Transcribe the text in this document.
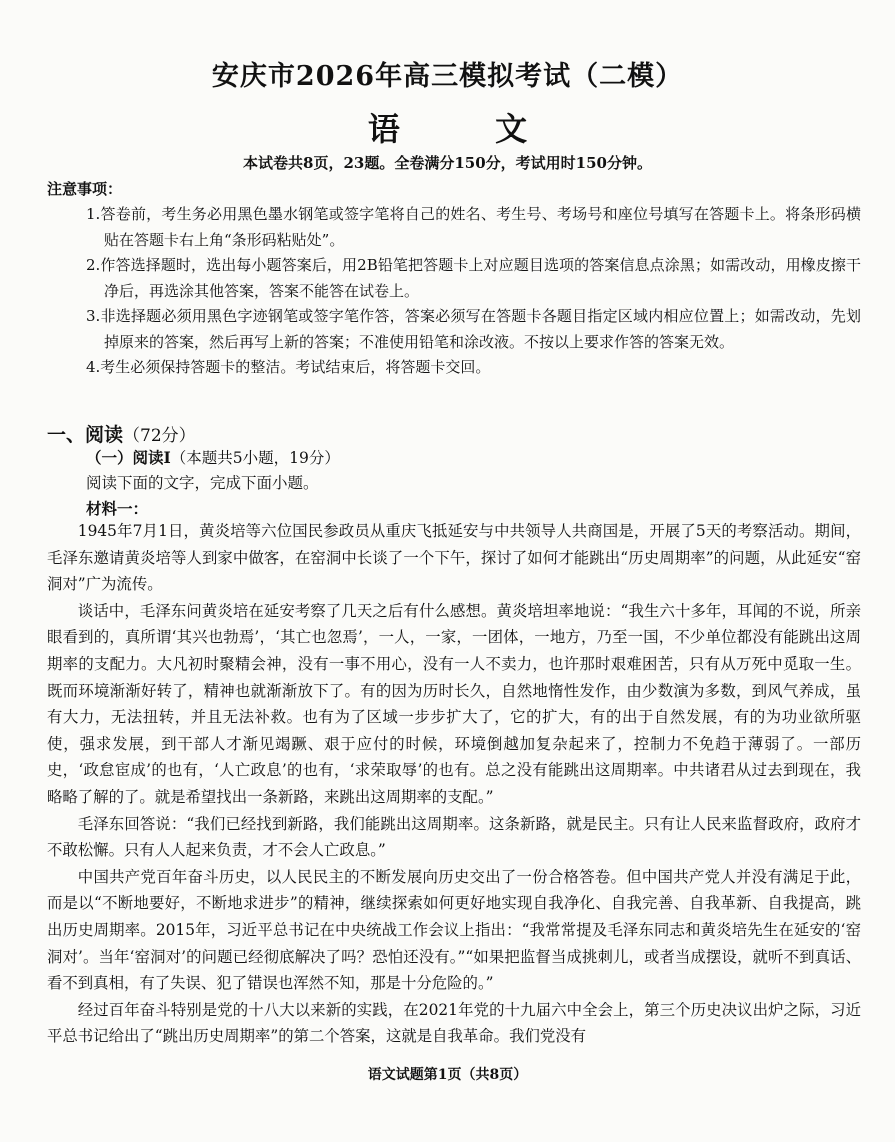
安庆市2026年高三模拟考试（二模）
语 文
本试卷共8页，23题。全卷满分150分，考试用时150分钟。
注意事项：

1.答卷前，考生务必用黑色墨水钢笔或签字笔将自己的姓名、考生号、考场号和座位号填写在答题卡上。将条形码横贴在答题卡右上角“条形码粘贴处”。

2.作答选择题时，选出每小题答案后，用2B铅笔把答题卡上对应题目选项的答案信息点涂黑；如需改动，用橡皮擦干净后，再选涂其他答案，答案不能答在试卷上。

3.非选择题必须用黑色字迹钢笔或签字笔作答，答案必须写在答题卡各题目指定区域内相应位置上；如需改动，先划掉原来的答案，然后再写上新的答案；不准使用铅笔和涂改液。不按以上要求作答的答案无效。

4.考生必须保持答题卡的整洁。考试结束后，将答题卡交回。

一、阅读（72分）
（一）阅读Ⅰ（本题共5小题，19分）
阅读下面的文字，完成下面小题。
材料一：

1945年7月1日，黄炎培等六位国民参政员从重庆飞抵延安与中共领导人共商国是，开展了5天的考察活动。期间，毛泽东邀请黄炎培等人到家中做客，在窑洞中长谈了一个下午，探讨了如何才能跳出“历史周期率”的问题，从此延安“窑洞对”广为流传。

谈话中，毛泽东问黄炎培在延安考察了几天之后有什么感想。黄炎培坦率地说：“我生六十多年，耳闻的不说，所亲眼看到的，真所谓‘其兴也勃焉’，‘其亡也忽焉’，一人，一家，一团体，一地方，乃至一国，不少单位都没有能跳出这周期率的支配力。大凡初时聚精会神，没有一事不用心，没有一人不卖力，也许那时艰难困苦，只有从万死中觅取一生。既而环境渐渐好转了，精神也就渐渐放下了。有的因为历时长久，自然地惰性发作，由少数演为多数，到风气养成，虽有大力，无法扭转，并且无法补救。也有为了区域一步步扩大了，它的扩大，有的出于自然发展，有的为功业欲所驱使，强求发展，到干部人才渐见竭蹶、艰于应付的时候，环境倒越加复杂起来了，控制力不免趋于薄弱了。一部历史，‘政怠宦成’的也有，‘人亡政息’的也有，‘求荣取辱’的也有。总之没有能跳出这周期率。中共诸君从过去到现在，我略略了解的了。就是希望找出一条新路，来跳出这周期率的支配。”

毛泽东回答说：“我们已经找到新路，我们能跳出这周期率。这条新路，就是民主。只有让人民来监督政府，政府才不敢松懈。只有人人起来负责，才不会人亡政息。”

中国共产党百年奋斗历史，以人民民主的不断发展向历史交出了一份合格答卷。但中国共产党人并没有满足于此，而是以“不断地要好，不断地求进步”的精神，继续探索如何更好地实现自我净化、自我完善、自我革新、自我提高，跳出历史周期率。2015年，习近平总书记在中央统战工作会议上指出：“我常常提及毛泽东同志和黄炎培先生在延安的‘窑洞对’。当年‘窑洞对’的问题已经彻底解决了吗？恐怕还没有。”“如果把监督当成挑刺儿，或者当成摆设，就听不到真话、看不到真相，有了失误、犯了错误也浑然不知，那是十分危险的。”

经过百年奋斗特别是党的十八大以来新的实践，在2021年党的十九届六中全会上，第三个历史决议出炉之际，习近平总书记给出了“跳出历史周期率”的第二个答案，这就是自我革命。我们党没有

语文试题第1页（共8页）
